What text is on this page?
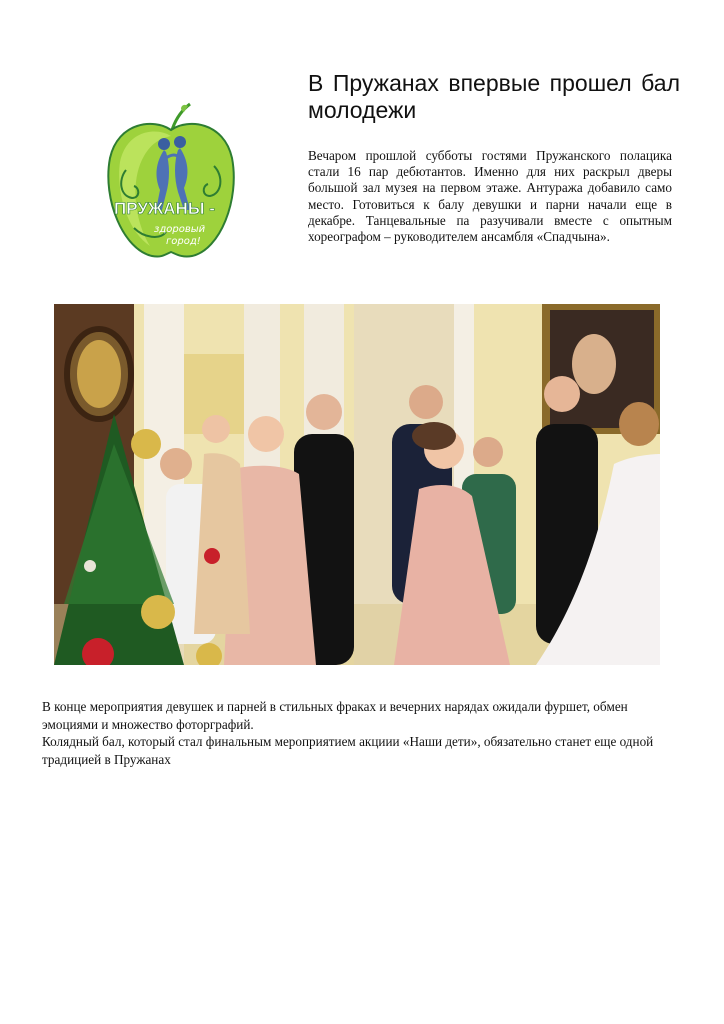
В Пружанах впервые прошел бал молодежи
ПРУЖАНЫ -
здоровый
город!

Вечаром прошлой субботы гостями Пружанского полацика стали 16 пар дебютантов. Именно для них раскрыл дверы большой зал музея на первом этаже. Антуража добавило само место. Готовиться к балу девушки и парни начали еще в декабре. Танцевальные па разучивали вместе с опытным хореографом – руководителем ансамбля «Спадчына».

В конце мероприятия девушек и парней в стильных фраках и вечерних нарядах ожидали фуршет, обмен эмоциями и множество фоторграфий.

Колядный бал, который стал финальным мероприятием акциии «Наши дети», обязательно станет еще одной традицией в Пружанах
